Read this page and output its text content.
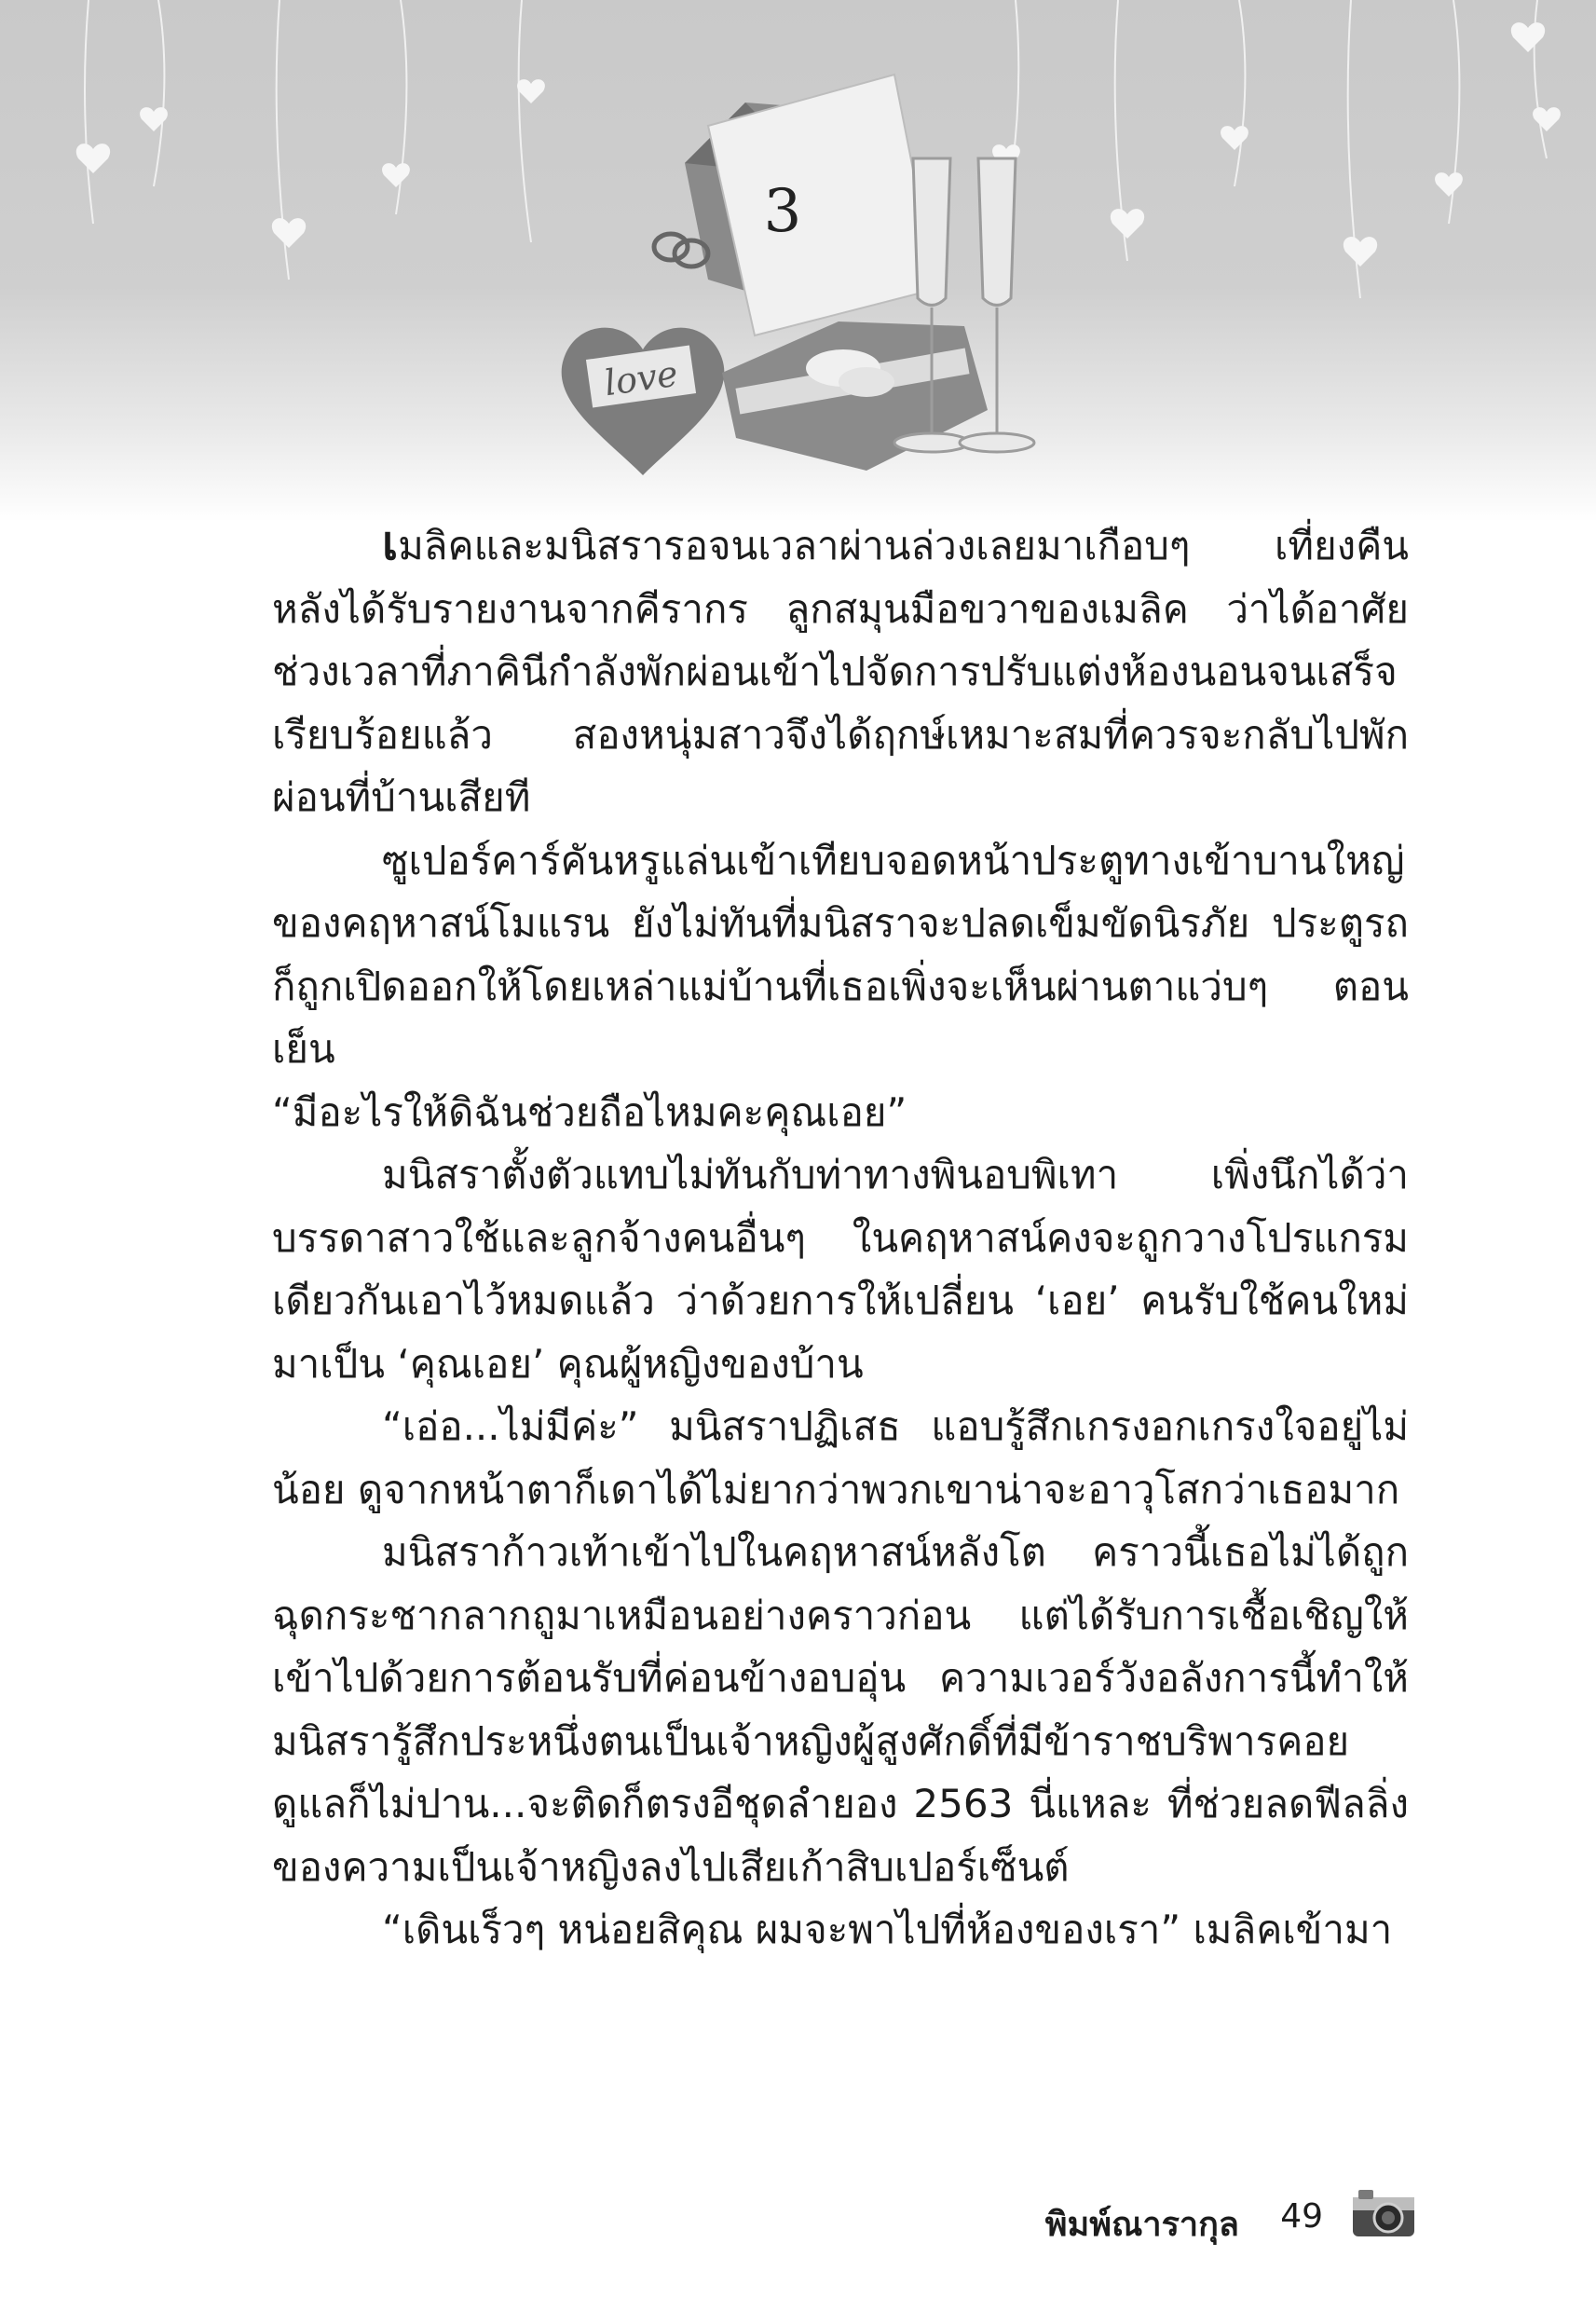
3
love

เมลิคและมนิสรารอจนเวลาผ่านล่วงเลยมาเกือบๆ เที่ยงคืน หลังได้รับรายงานจากคีรากร ลูกสมุนมือขวาของเมลิค ว่าได้อาศัยช่วงเวลาที่ภาคินีกำลังพักผ่อนเข้าไปจัดการปรับแต่งห้องนอนจนเสร็จเรียบร้อยแล้ว สองหนุ่มสาวจึงได้ฤกษ์เหมาะสมที่ควรจะกลับไปพักผ่อนที่บ้านเสียที

ซูเปอร์คาร์คันหรูแล่นเข้าเทียบจอดหน้าประตูทางเข้าบานใหญ่ของคฤหาสน์โมแรน ยังไม่ทันที่มนิสราจะปลดเข็มขัดนิรภัย ประตูรถก็ถูกเปิดออกให้โดยเหล่าแม่บ้านที่เธอเพิ่งจะเห็นผ่านตาแว่บๆ ตอนเย็น

“มีอะไรให้ดิฉันช่วยถือไหมคะคุณเอย”

มนิสราตั้งตัวแทบไม่ทันกับท่าทางพินอบพิเทา เพิ่งนึกได้ว่าบรรดาสาวใช้และลูกจ้างคนอื่นๆ ในคฤหาสน์คงจะถูกวางโปรแกรมเดียวกันเอาไว้หมดแล้ว ว่าด้วยการให้เปลี่ยน ‘เอย’ คนรับใช้คนใหม่มาเป็น ‘คุณเอย’ คุณผู้หญิงของบ้าน

“เอ่อ...ไม่มีค่ะ” มนิสราปฏิเสธ แอบรู้สึกเกรงอกเกรงใจอยู่ไม่น้อย ดูจากหน้าตาก็เดาได้ไม่ยากว่าพวกเขาน่าจะอาวุโสกว่าเธอมาก

มนิสราก้าวเท้าเข้าไปในคฤหาสน์หลังโต คราวนี้เธอไม่ได้ถูกฉุดกระชากลากถูมาเหมือนอย่างคราวก่อน แต่ได้รับการเชื้อเชิญให้เข้าไปด้วยการต้อนรับที่ค่อนข้างอบอุ่น ความเวอร์วังอลังการนี้ทำให้มนิสรารู้สึกประหนึ่งตนเป็นเจ้าหญิงผู้สูงศักดิ์ที่มีข้าราชบริพารคอยดูแลก็ไม่ปาน...จะติดก็ตรงอีชุดลำยอง 2563 นี่แหละ ที่ช่วยลดฟีลลิ่งของความเป็นเจ้าหญิงลงไปเสียเก้าสิบเปอร์เซ็นต์

“เดินเร็วๆ หน่อยสิคุณ ผมจะพาไปที่ห้องของเรา” เมลิคเข้ามา

พิมพ์ณารากุล 49
